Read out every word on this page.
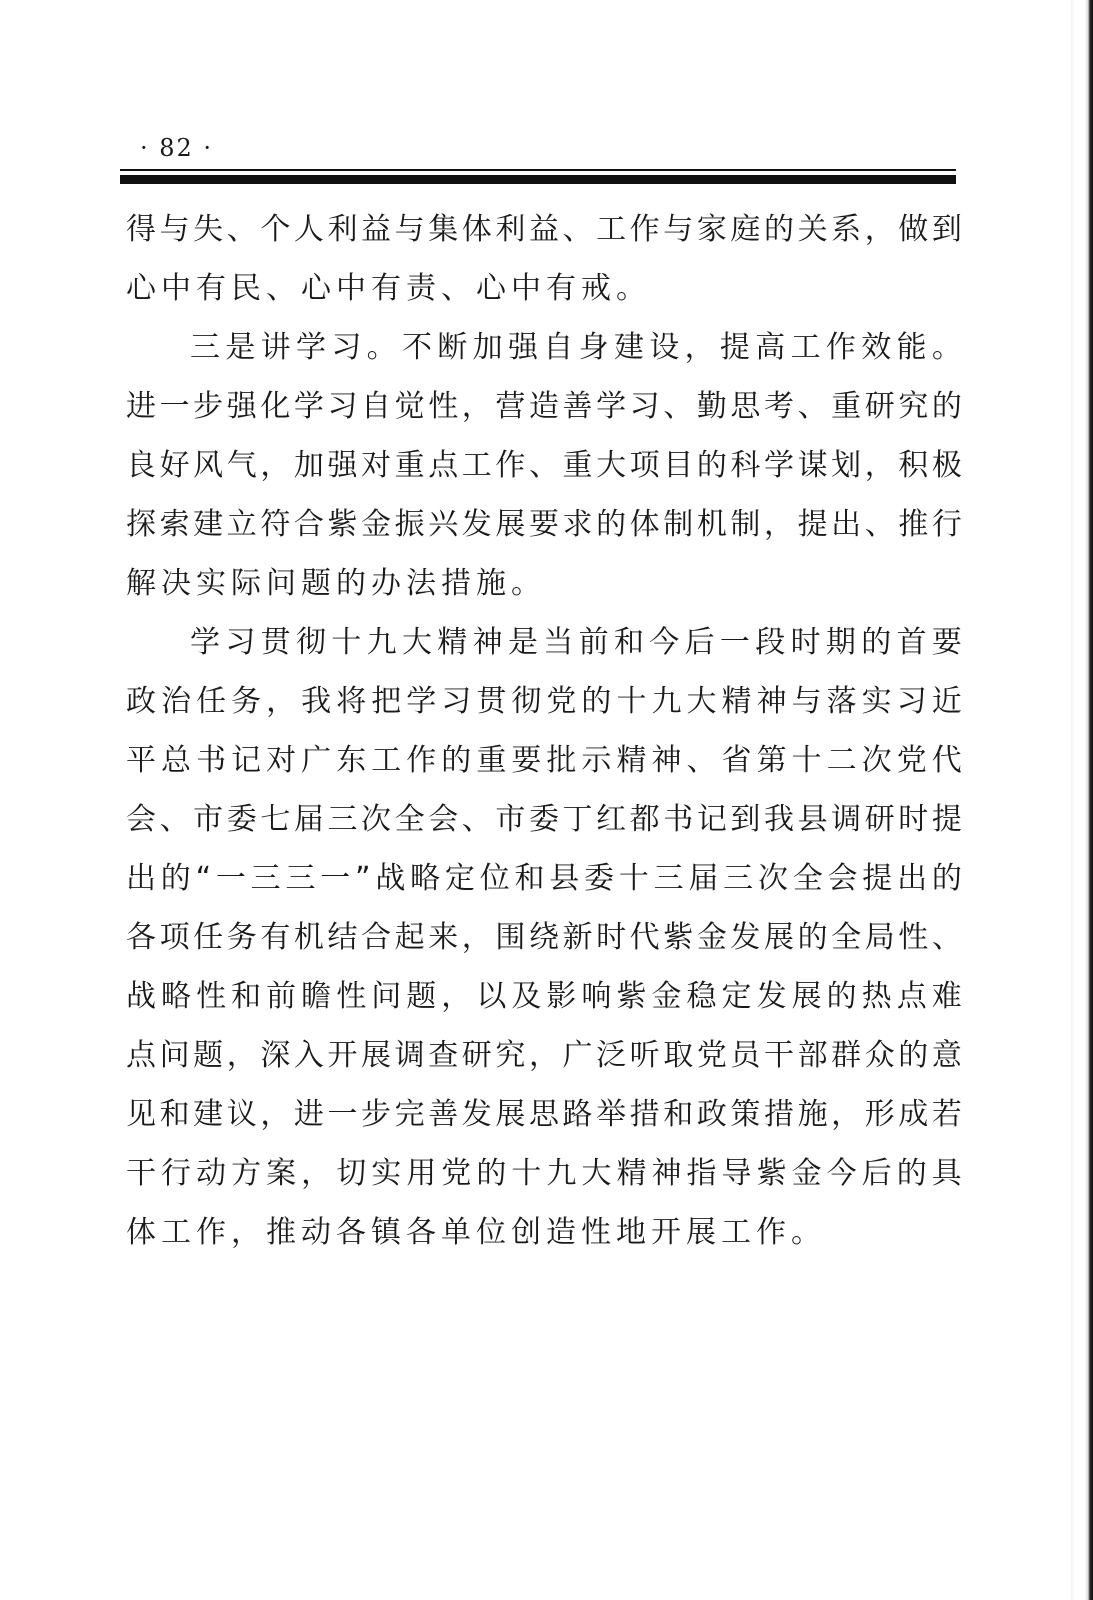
· 82 ·
得 与 失 、 个 人 利 益 与 集 体 利 益 、 工 作 与 家 庭 的 关 系 ， 做 到
心中有民、心中有责、心中有戒。
三 是 讲 学 习 。 不 断 加 强 自 身 建 设 ， 提 高 工 作 效 能 。
进 一 步 强 化 学 习 自 觉 性 ， 营 造 善 学 习 、 勤 思 考 、 重 研 究 的
良 好 风 气 ， 加 强 对 重 点 工 作 、 重 大 项 目 的 科 学 谋 划 ， 积 极
探 索 建 立 符 合 紫 金 振 兴 发 展 要 求 的 体 制 机 制 ， 提 出 、 推 行
解决实际问题的办法措施。
学 习 贯 彻 十 九 大 精 神 是 当 前 和 今 后 一 段 时 期 的 首 要
政 治 任 务 ， 我 将 把 学 习 贯 彻 党 的 十 九 大 精 神 与 落 实 习 近
平 总 书 记 对 广 东 工 作 的 重 要 批 示 精 神 、 省 第 十 二 次 党 代
会 、 市 委 七 届 三 次 全 会 、 市 委 丁 红 都 书 记 到 我 县 调 研 时 提
出 的 “ 一 三 三 一 ” 战 略 定 位 和 县 委 十 三 届 三 次 全 会 提 出 的
各 项 任 务 有 机 结 合 起 来 ， 围 绕 新 时 代 紫 金 发 展 的 全 局 性 、
战 略 性 和 前 瞻 性 问 题 ， 以 及 影 响 紫 金 稳 定 发 展 的 热 点 难
点 问 题 ， 深 入 开 展 调 查 研 究 ， 广 泛 听 取 党 员 干 部 群 众 的 意
见 和 建 议 ， 进 一 步 完 善 发 展 思 路 举 措 和 政 策 措 施 ， 形 成 若
干 行 动 方 案 ， 切 实 用 党 的 十 九 大 精 神 指 导 紫 金 今 后 的 具
体工作，推动各镇各单位创造性地开展工作。
